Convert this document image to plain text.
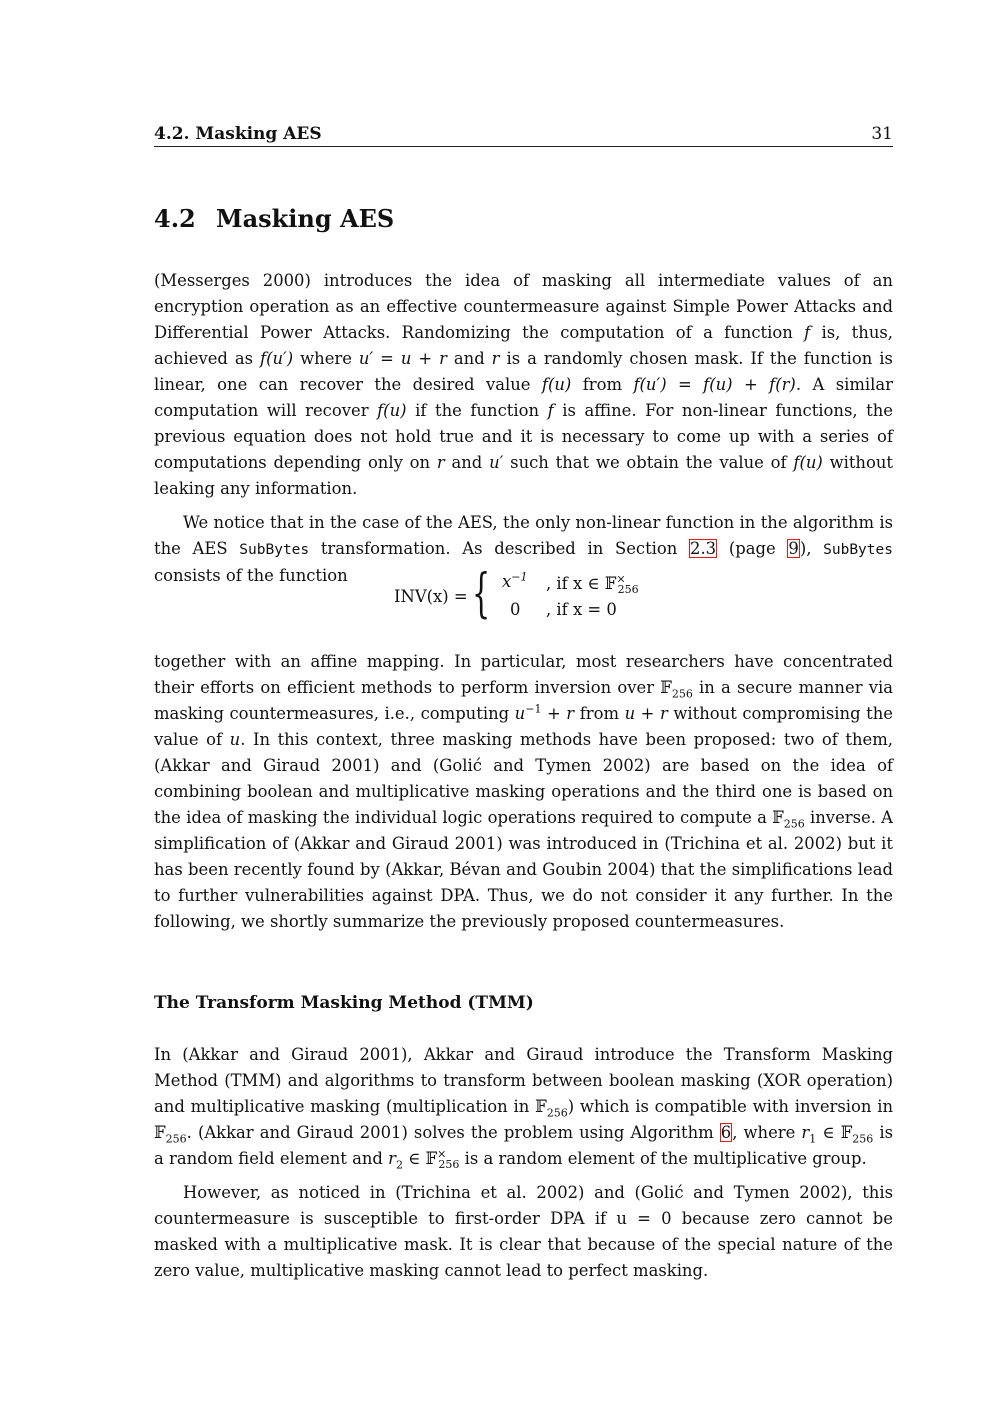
4.2. Masking AES	31
4.2 Masking AES

(Messerges 2000) introduces the idea of masking all intermediate values of an encryption operation as an effective countermeasure against Simple Power Attacks and Differential Power Attacks. Randomizing the computation of a function f is, thus, achieved as f(u′) where u′ = u + r and r is a randomly chosen mask. If the function is linear, one can recover the desired value f(u) from f(u′) = f(u) + f(r). A similar computation will recover f(u) if the function f is affine. For non-linear functions, the previous equation does not hold true and it is necessary to come up with a series of computations depending only on r and u′ such that we obtain the value of f(u) without leaking any information.

We notice that in the case of the AES, the only non-linear function in the algorithm is the AES SubBytes transformation. As described in Section 2.3 (page 9), SubBytes consists of the function

INV(x) = { $x^{-1}$ , if x ∈ 𝔽×$_{256}$
0 , if x = 0

together with an affine mapping. In particular, most researchers have concentrated their efforts on efficient methods to perform inversion over 𝔽$_{256}$ in a secure manner via masking countermeasures, i.e., computing $u^{-1} + r$ from u + r without compromising the value of u. In this context, three masking methods have been proposed: two of them, (Akkar and Giraud 2001) and (Golić and Tymen 2002) are based on the idea of combining boolean and multiplicative masking operations and the third one is based on the idea of masking the individual logic operations required to compute a 𝔽$_{256}$ inverse. A simplification of (Akkar and Giraud 2001) was introduced in (Trichina et al. 2002) but it has been recently found by (Akkar, Bévan and Goubin 2004) that the simplifications lead to further vulnerabilities against DPA. Thus, we do not consider it any further. In the following, we shortly summarize the previously proposed countermeasures.

The Transform Masking Method (TMM)

In (Akkar and Giraud 2001), Akkar and Giraud introduce the Transform Masking Method (TMM) and algorithms to transform between boolean masking (XOR operation) and multiplicative masking (multiplication in 𝔽$_{256}$) which is compatible with inversion in 𝔽$_{256}$. (Akkar and Giraud 2001) solves the problem using Algorithm 6, where $r_1$ ∈ 𝔽$_{256}$ is a random field element and $r_2$ ∈ 𝔽×$_{256}$ is a random element of the multiplicative group.

However, as noticed in (Trichina et al. 2002) and (Golić and Tymen 2002), this countermeasure is susceptible to first-order DPA if u = 0 because zero cannot be masked with a multiplicative mask. It is clear that because of the special nature of the zero value, multiplicative masking cannot lead to perfect masking.
